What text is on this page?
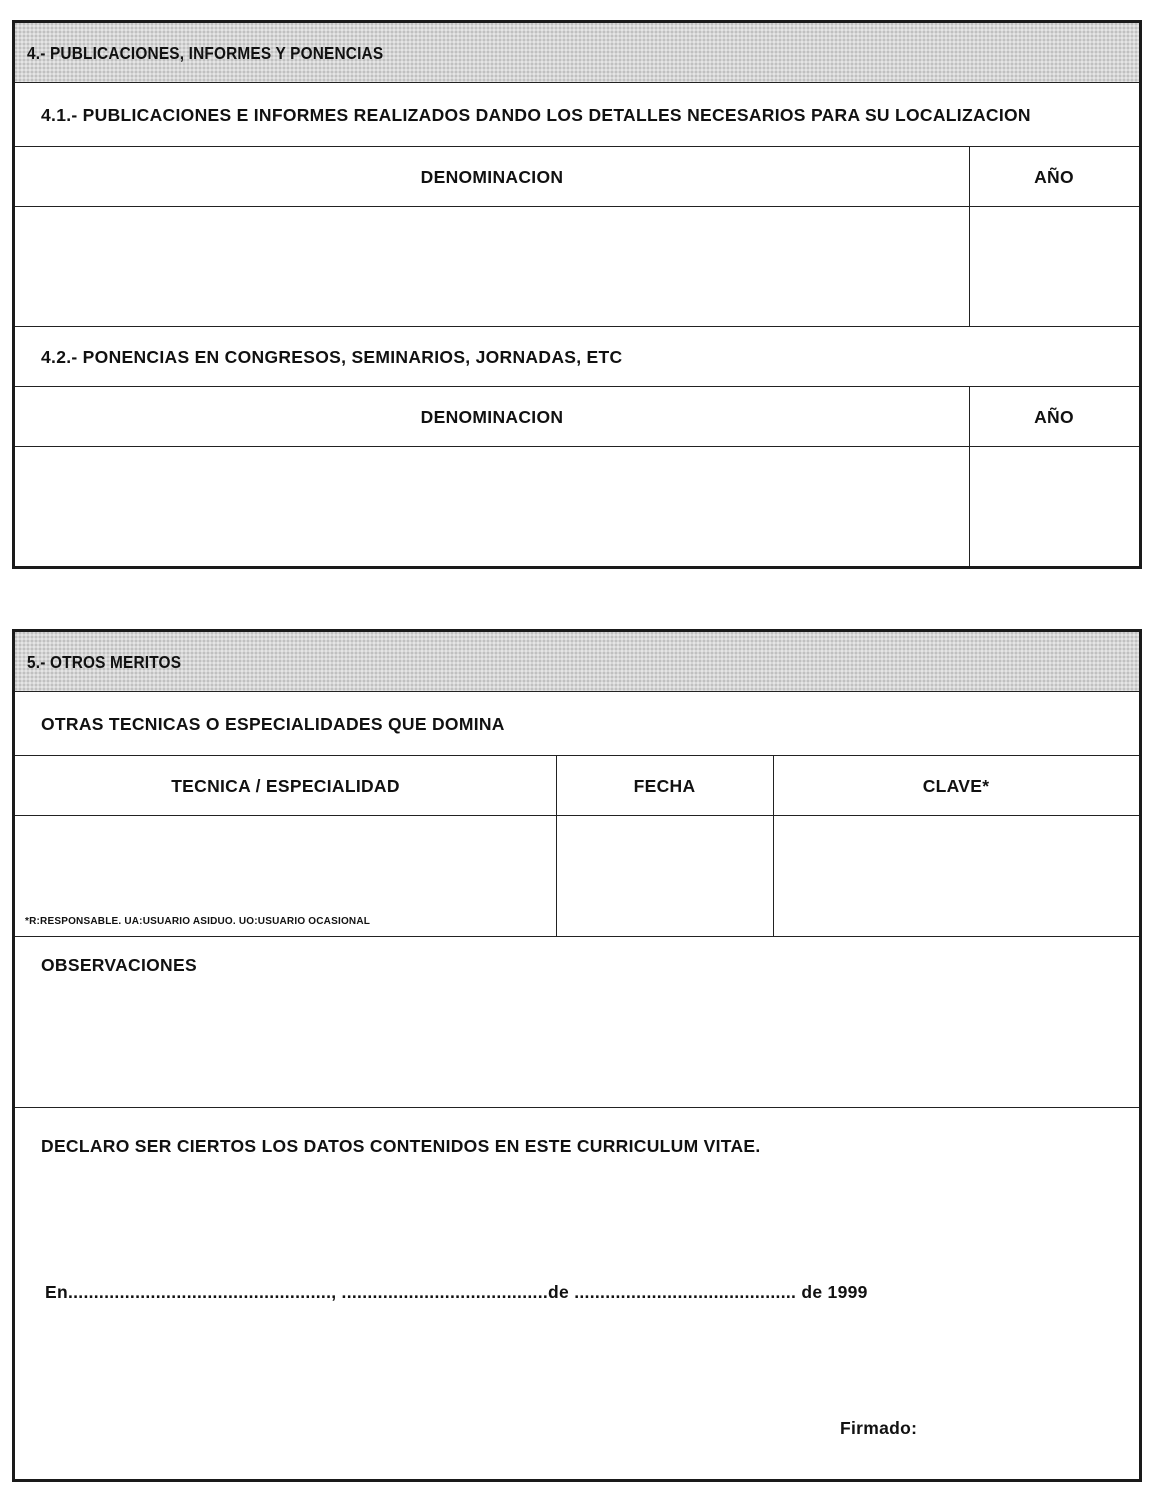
4.- PUBLICACIONES, INFORMES Y PONENCIAS
4.1.- PUBLICACIONES E INFORMES REALIZADOS DANDO LOS DETALLES NECESARIOS PARA SU LOCALIZACION
DENOMINACION	AÑO
4.2.- PONENCIAS EN CONGRESOS, SEMINARIOS, JORNADAS, ETC
DENOMINACION	AÑO
5.- OTROS MERITOS
OTRAS TECNICAS O ESPECIALIDADES QUE DOMINA
TECNICA / ESPECIALIDAD	FECHA	CLAVE*
*R:RESPONSABLE. UA:USUARIO ASIDUO. UO:USUARIO OCASIONAL
OBSERVACIONES
DECLARO SER CIERTOS LOS DATOS CONTENIDOS EN ESTE CURRICULUM VITAE.
En..................................................., ........................................de ........................................... de 1999
Firmado:
